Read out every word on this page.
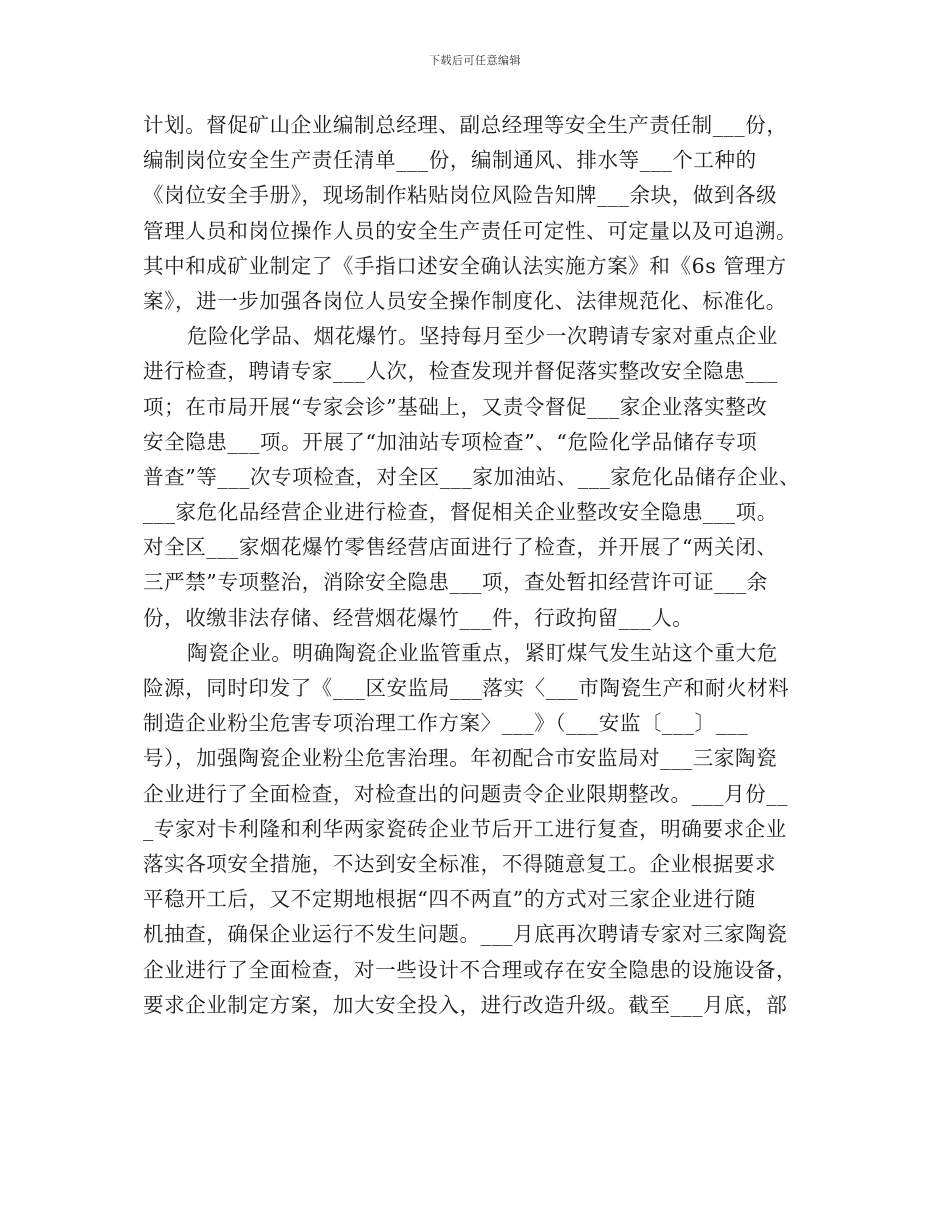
下载后可任意编辑
计划。督促矿山企业编制总经理、副总经理等安全生产责任制___份，
编制岗位安全生产责任清单___份，编制通风、排水等___个工种的
《岗位安全手册》，现场制作粘贴岗位风险告知牌___余块，做到各级
管理人员和岗位操作人员的安全生产责任可定性、可定量以及可追溯。
其中和成矿业制定了《手指口述安全确认法实施方案》和《6s 管理方
案》，进一步加强各岗位人员安全操作制度化、法律规范化、标准化。
危险化学品、烟花爆竹。坚持每月至少一次聘请专家对重点企业
进行检查，聘请专家___人次，检查发现并督促落实整改安全隐患___
项；在市局开展“专家会诊”基础上，又责令督促___家企业落实整改
安全隐患___项。开展了“加油站专项检查”、“危险化学品储存专项
普查”等___次专项检查，对全区___家加油站、___家危化品储存企业、
___家危化品经营企业进行检查，督促相关企业整改安全隐患___项。
对全区___家烟花爆竹零售经营店面进行了检查，并开展了“两关闭、
三严禁”专项整治，消除安全隐患___项，查处暂扣经营许可证___余
份，收缴非法存储、经营烟花爆竹___件，行政拘留___人。
陶瓷企业。明确陶瓷企业监管重点，紧盯煤气发生站这个重大危
险源，同时印发了《___区安监局___落实〈___市陶瓷生产和耐火材料
制造企业粉尘危害专项治理工作方案〉___》（___安监〔___〕___
号），加强陶瓷企业粉尘危害治理。年初配合市安监局对___三家陶瓷
企业进行了全面检查，对检查出的问题责令企业限期整改。___月份__
_专家对卡利隆和利华两家瓷砖企业节后开工进行复查，明确要求企业
落实各项安全措施，不达到安全标准，不得随意复工。企业根据要求
平稳开工后，又不定期地根据“四不两直”的方式对三家企业进行随
机抽查，确保企业运行不发生问题。___月底再次聘请专家对三家陶瓷
企业进行了全面检查，对一些设计不合理或存在安全隐患的设施设备，
要求企业制定方案，加大安全投入，进行改造升级。截至___月底，部
